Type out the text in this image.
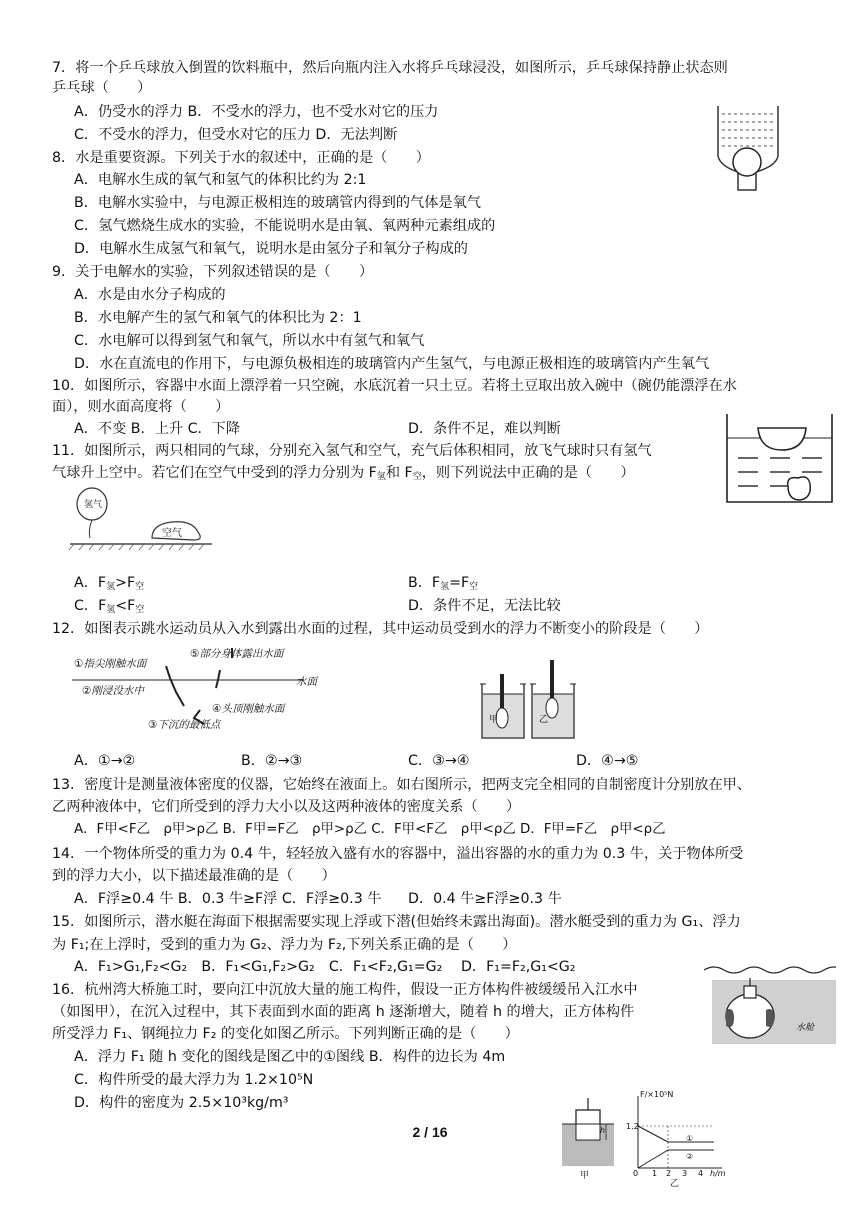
7．将一个乒乓球放入倒置的饮料瓶中，然后向瓶内注入水将乒乓球浸没，如图所示，乒乓球保持静止状态则
乒乓球（　　）
A．仍受水的浮力 B．不受水的浮力，也不受水对它的压力
C．不受水的浮力，但受水对它的压力 D．无法判断
8．水是重要资源。下列关于水的叙述中，正确的是（　　）
A．电解水生成的氧气和氢气的体积比约为 2:1
B．电解水实验中，与电源正极相连的玻璃管内得到的气体是氧气
C．氢气燃烧生成水的实验，不能说明水是由氧、氧两种元素组成的
D．电解水生成氢气和氧气，说明水是由氢分子和氧分子构成的
9．关于电解水的实验，下列叙述错误的是（　　）
A．水是由水分子构成的
B．水电解产生的氢气和氧气的体积比为 2：1
C．水电解可以得到氢气和氧气，所以水中有氢气和氧气
D．水在直流电的作用下，与电源负极相连的玻璃管内产生氢气，与电源正极相连的玻璃管内产生氧气
10．如图所示，容器中水面上漂浮着一只空碗，水底沉着一只土豆。若将土豆取出放入碗中（碗仍能漂浮在水
面），则水面高度将（　　）
A．不变 B．上升 C．下降	D．条件不足，难以判断
11．如图所示，两只相同的气球，分别充入氢气和空气，充气后体积相同，放飞气球时只有氢气
气球升上空中。若它们在空气中受到的浮力分别为 $F_氢$和 $F_空$，则下列说法中正确的是（　　）
氢气
空气
A．$F_氢>F_空$	B．$F_氢=F_空$
C．$F_氢<F_空$	D．条件不足，无法比较
12．如图表示跳水运动员从入水到露出水面的过程，其中运动员受到水的浮力不断变小的阶段是（　　）
①指尖刚触水面
②刚浸没水中
③下沉的最低点
④头顶刚触水面
⑤部分身体露出水面
水面
甲	乙
A．①→②	B．②→③	C．③→④	D．④→⑤
13．密度计是测量液体密度的仪器，它始终在液面上。如右图所示，把两支完全相同的自制密度计分别放在甲、
乙两种液体中，它们所受到的浮力大小以及这两种液体的密度关系（　　）
A．F甲<F乙　ρ甲>ρ乙 B．F甲=F乙　ρ甲>ρ乙 C．F甲<F乙　ρ甲<ρ乙 D．F甲=F乙　ρ甲<ρ乙
14．一个物体所受的重力为 0.4 牛，轻轻放入盛有水的容器中，溢出容器的水的重力为 0.3 牛，关于物体所受
到的浮力大小，以下描述最准确的是（　　）
A．F浮≥0.4 牛 B．0.3 牛≥F浮 C．F浮≥0.3 牛 D．0.4 牛≥F浮≥0.3 牛
15．如图所示，潜水艇在海面下根据需要实现上浮或下潜(但始终未露出海面)。潜水艇受到的重力为 G₁、浮力
为 F₁;在上浮时，受到的重力为 G₂、浮力为 F₂,下列关系正确的是（　　）
A．F₁>G₁,F₂<G₂　B．F₁<G₁,F₂>G₂　C．F₁<F₂,G₁=G₂　 D．F₁=F₂,G₁<G₂
水舱
16．杭州湾大桥施工时，要向江中沉放大量的施工构件，假设一正方体构件被缓缓吊入江水中
（如图甲），在沉入过程中，其下表面到水面的距离 h 逐渐增大，随着 h 的增大，正方体构件
所受浮力 F₁、钢绳拉力 F₂ 的变化如图乙所示。下列判断正确的是（　　）
A．浮力 F₁ 随 h 变化的图线是图乙中的①图线 B．构件的边长为 4m
C．构件所受的最大浮力为 1.2×10⁵N
D．构件的密度为 2.5×10³kg/m³
h
甲
F/×10⁵N
1.2
①
②
0 1 2 3 4 h/m
乙
2 / 16
